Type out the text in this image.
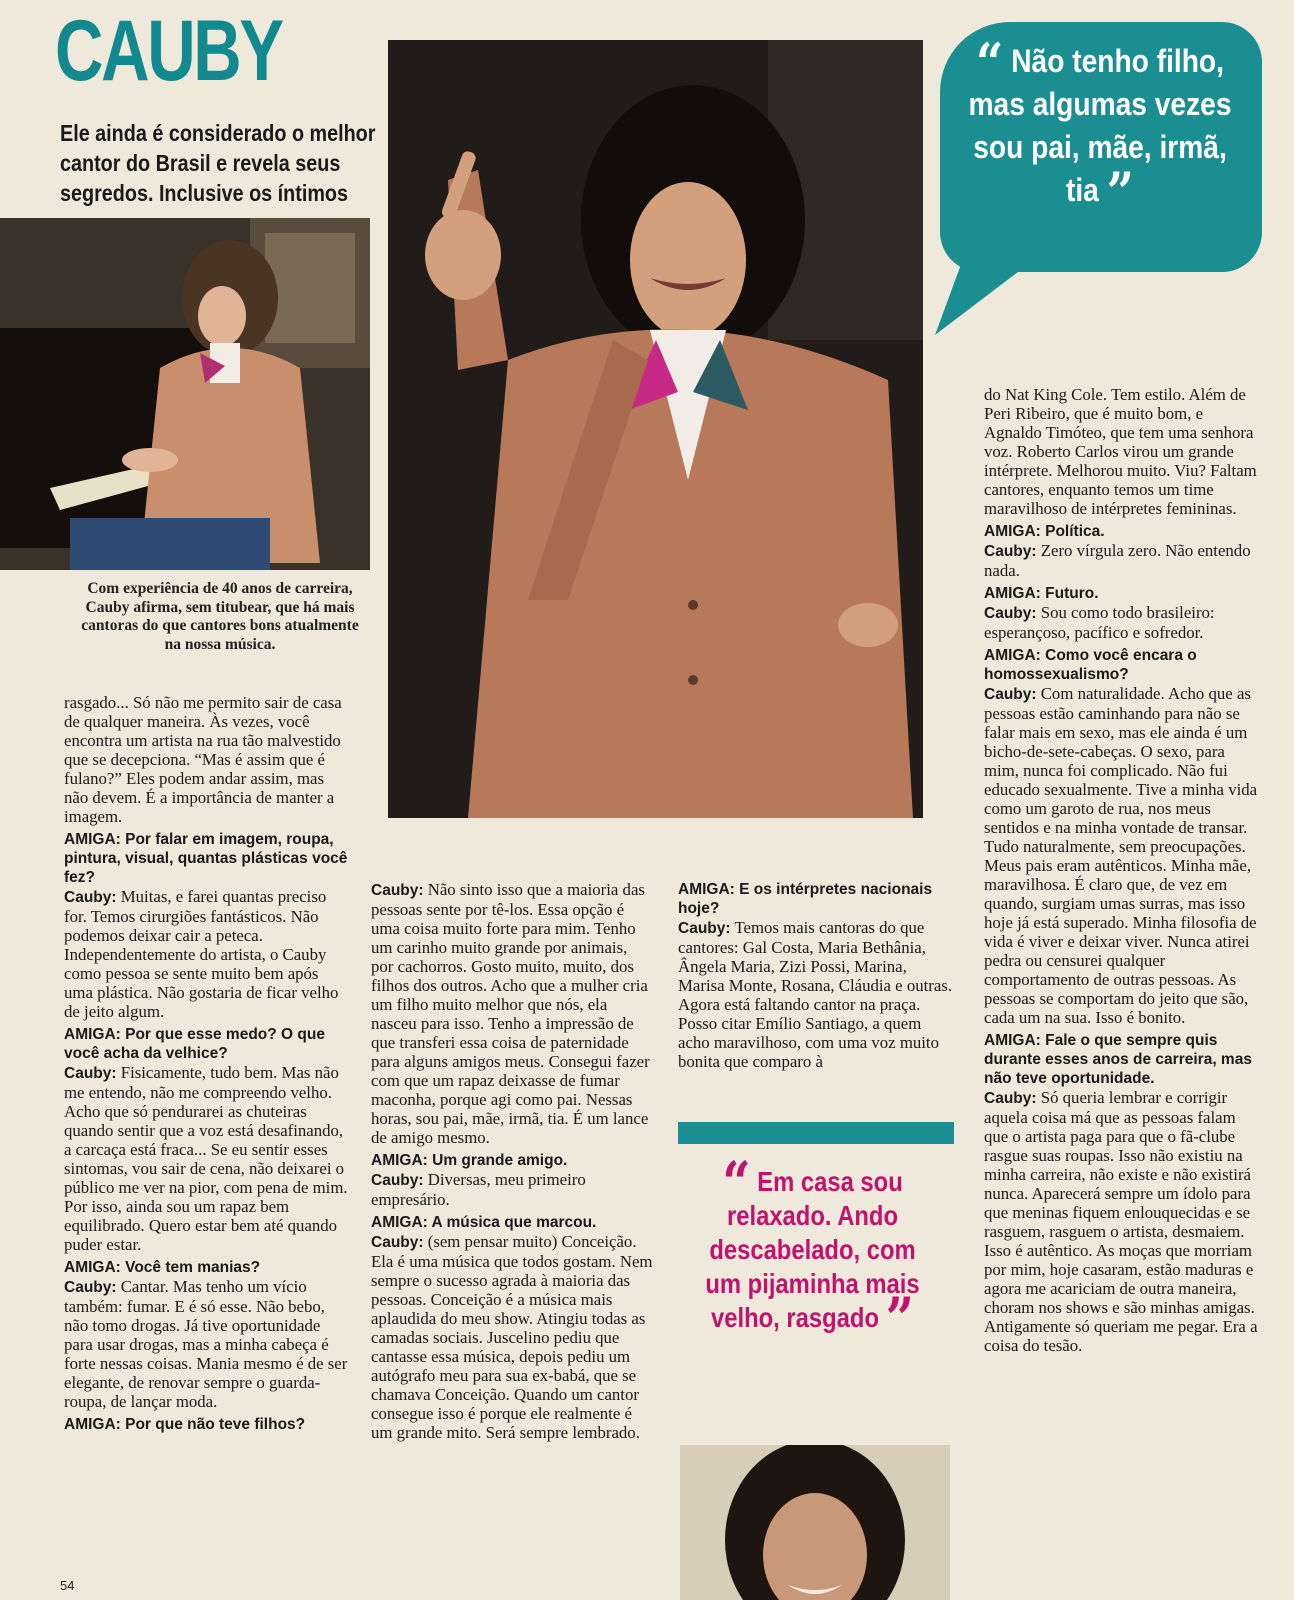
CAUBY
Ele ainda é considerado o melhor cantor do Brasil e revela seus segredos. Inclusive os íntimos
Com experiência de 40 anos de carreira, Cauby afirma, sem titubear, que há mais cantoras do que cantores bons atualmente na nossa música.
“ Não tenho filho, mas algumas vezes sou pai, mãe, irmã, tia ”

rasgado... Só não me permito sair de casa de qualquer maneira. Às vezes, você encontra um artista na rua tão malvestido que se decepciona. “Mas é assim que é fulano?” Eles podem andar assim, mas não devem. É a importância de manter a imagem.

AMIGA: Por falar em imagem, roupa, pintura, visual, quantas plásticas você fez?

Cauby: Muitas, e farei quantas preciso for. Temos cirurgiões fantásticos. Não podemos deixar cair a peteca. Independentemente do artista, o Cauby como pessoa se sente muito bem após uma plástica. Não gostaria de ficar velho de jeito algum.

AMIGA: Por que esse medo? O que você acha da velhice?

Cauby: Fisicamente, tudo bem. Mas não me entendo, não me compreendo velho. Acho que só pendurarei as chuteiras quando sentir que a voz está desafinando, a carcaça está fraca... Se eu sentir esses sintomas, vou sair de cena, não deixarei o público me ver na pior, com pena de mim. Por isso, ainda sou um rapaz bem equilibrado. Quero estar bem até quando puder estar.

AMIGA: Você tem manias?

Cauby: Cantar. Mas tenho um vício também: fumar. E é só esse. Não bebo, não tomo drogas. Já tive oportunidade para usar drogas, mas a minha cabeça é forte nessas coisas. Mania mesmo é de ser elegante, de renovar sempre o guarda-roupa, de lançar moda.

AMIGA: Por que não teve filhos?

Cauby: Não sinto isso que a maioria das pessoas sente por tê-los. Essa opção é uma coisa muito forte para mim. Tenho um carinho muito grande por animais, por cachorros. Gosto muito, muito, dos filhos dos outros. Acho que a mulher cria um filho muito melhor que nós, ela nasceu para isso. Tenho a impressão de que transferi essa coisa de paternidade para alguns amigos meus. Consegui fazer com que um rapaz deixasse de fumar maconha, porque agi como pai. Nessas horas, sou pai, mãe, irmã, tia. É um lance de amigo mesmo.

AMIGA: Um grande amigo.

Cauby: Diversas, meu primeiro empresário.

AMIGA: A música que marcou.

Cauby: (sem pensar muito) Conceição. Ela é uma música que todos gostam. Nem sempre o sucesso agrada à maioria das pessoas. Conceição é a música mais aplaudida do meu show. Atingiu todas as camadas sociais. Juscelino pediu que cantasse essa música, depois pediu um autógrafo meu para sua ex-babá, que se chamava Conceição. Quando um cantor consegue isso é porque ele realmente é um grande mito. Será sempre lembrado.

AMIGA: E os intérpretes nacionais hoje?

Cauby: Temos mais cantoras do que cantores: Gal Costa, Maria Bethânia, Ângela Maria, Zizi Possi, Marina, Marisa Monte, Rosana, Cláudia e outras. Agora está faltando cantor na praça. Posso citar Emílio Santiago, a quem acho maravilhoso, com uma voz muito bonita que comparo à

do Nat King Cole. Tem estilo. Além de Peri Ribeiro, que é muito bom, e Agnaldo Timóteo, que tem uma senhora voz. Roberto Carlos virou um grande intérprete. Melhorou muito. Viu? Faltam cantores, enquanto temos um time maravilhoso de intérpretes femininas.

AMIGA: Política.

Cauby: Zero vírgula zero. Não entendo nada.

AMIGA: Futuro.

Cauby: Sou como todo brasileiro: esperançoso, pacífico e sofredor.

AMIGA: Como você encara o homossexualismo?

Cauby: Com naturalidade. Acho que as pessoas estão caminhando para não se falar mais em sexo, mas ele ainda é um bicho-de-sete-cabeças. O sexo, para mim, nunca foi complicado. Não fui educado sexualmente. Tive a minha vida como um garoto de rua, nos meus sentidos e na minha vontade de transar. Tudo naturalmente, sem preocupações. Meus pais eram autênticos. Minha mãe, maravilhosa. É claro que, de vez em quando, surgiam umas surras, mas isso hoje já está superado. Minha filosofia de vida é viver e deixar viver. Nunca atirei pedra ou censurei qualquer comportamento de outras pessoas. As pessoas se comportam do jeito que são, cada um na sua. Isso é bonito.

AMIGA: Fale o que sempre quis durante esses anos de carreira, mas não teve oportunidade.

Cauby: Só queria lembrar e corrigir aquela coisa má que as pessoas falam que o artista paga para que o fã-clube rasgue suas roupas. Isso não existiu na minha carreira, não existe e não existirá nunca. Aparecerá sempre um ídolo para que meninas fiquem enlouquecidas e se rasguem, rasguem o artista, desmaiem. Isso é autêntico. As moças que morriam por mim, hoje casaram, estão maduras e agora me acariciam de outra maneira, choram nos shows e são minhas amigas. Antigamente só queriam me pegar. Era a coisa do tesão.

“ Em casa sou relaxado. Ando descabelado, com um pijaminha mais velho, rasgado ”
54
